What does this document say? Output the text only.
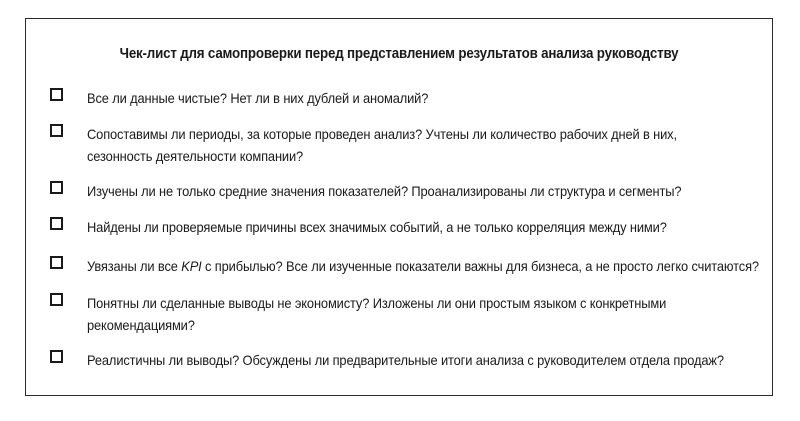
Чек-лист для самопроверки перед представлением результатов анализа руководству
Все ли данные чистые? Нет ли в них дублей и аномалий?
Сопоставимы ли периоды, за которые проведен анализ? Учтены ли количество рабочих дней в них,
сезонность деятельности компании?
Изучены ли не только средние значения показателей? Проанализированы ли структура и сегменты?
Найдены ли проверяемые причины всех значимых событий, а не только корреляция между ними?
Увязаны ли все KPI с прибылью? Все ли изученные показатели важны для бизнеса, а не просто легко считаются?
Понятны ли сделанные выводы не экономисту? Изложены ли они простым языком с конкретными
рекомендациями?
Реалистичны ли выводы? Обсуждены ли предварительные итоги анализа с руководителем отдела продаж?
